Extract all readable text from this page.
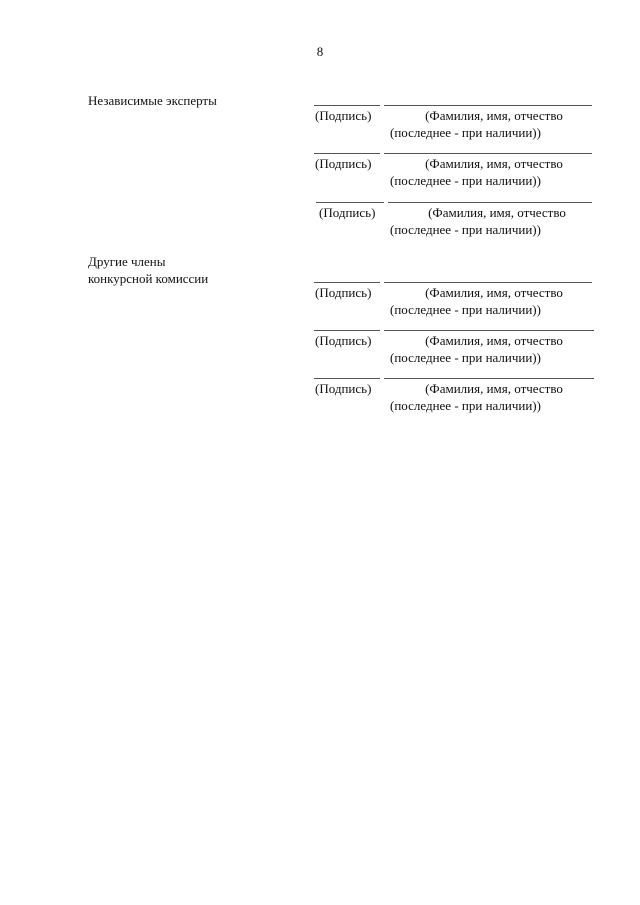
8
Независимые эксперты
(Подпись)	(Фамилия, имя, отчество
(последнее - при наличии))
(Подпись)	(Фамилия, имя, отчество
(последнее - при наличии))
(Подпись)	(Фамилия, имя, отчество
(последнее - при наличии))
Другие члены
конкурсной комиссии
(Подпись)	(Фамилия, имя, отчество
(последнее - при наличии))
(Подпись)	(Фамилия, имя, отчество
(последнее - при наличии))
(Подпись)	(Фамилия, имя, отчество
(последнее - при наличии))
